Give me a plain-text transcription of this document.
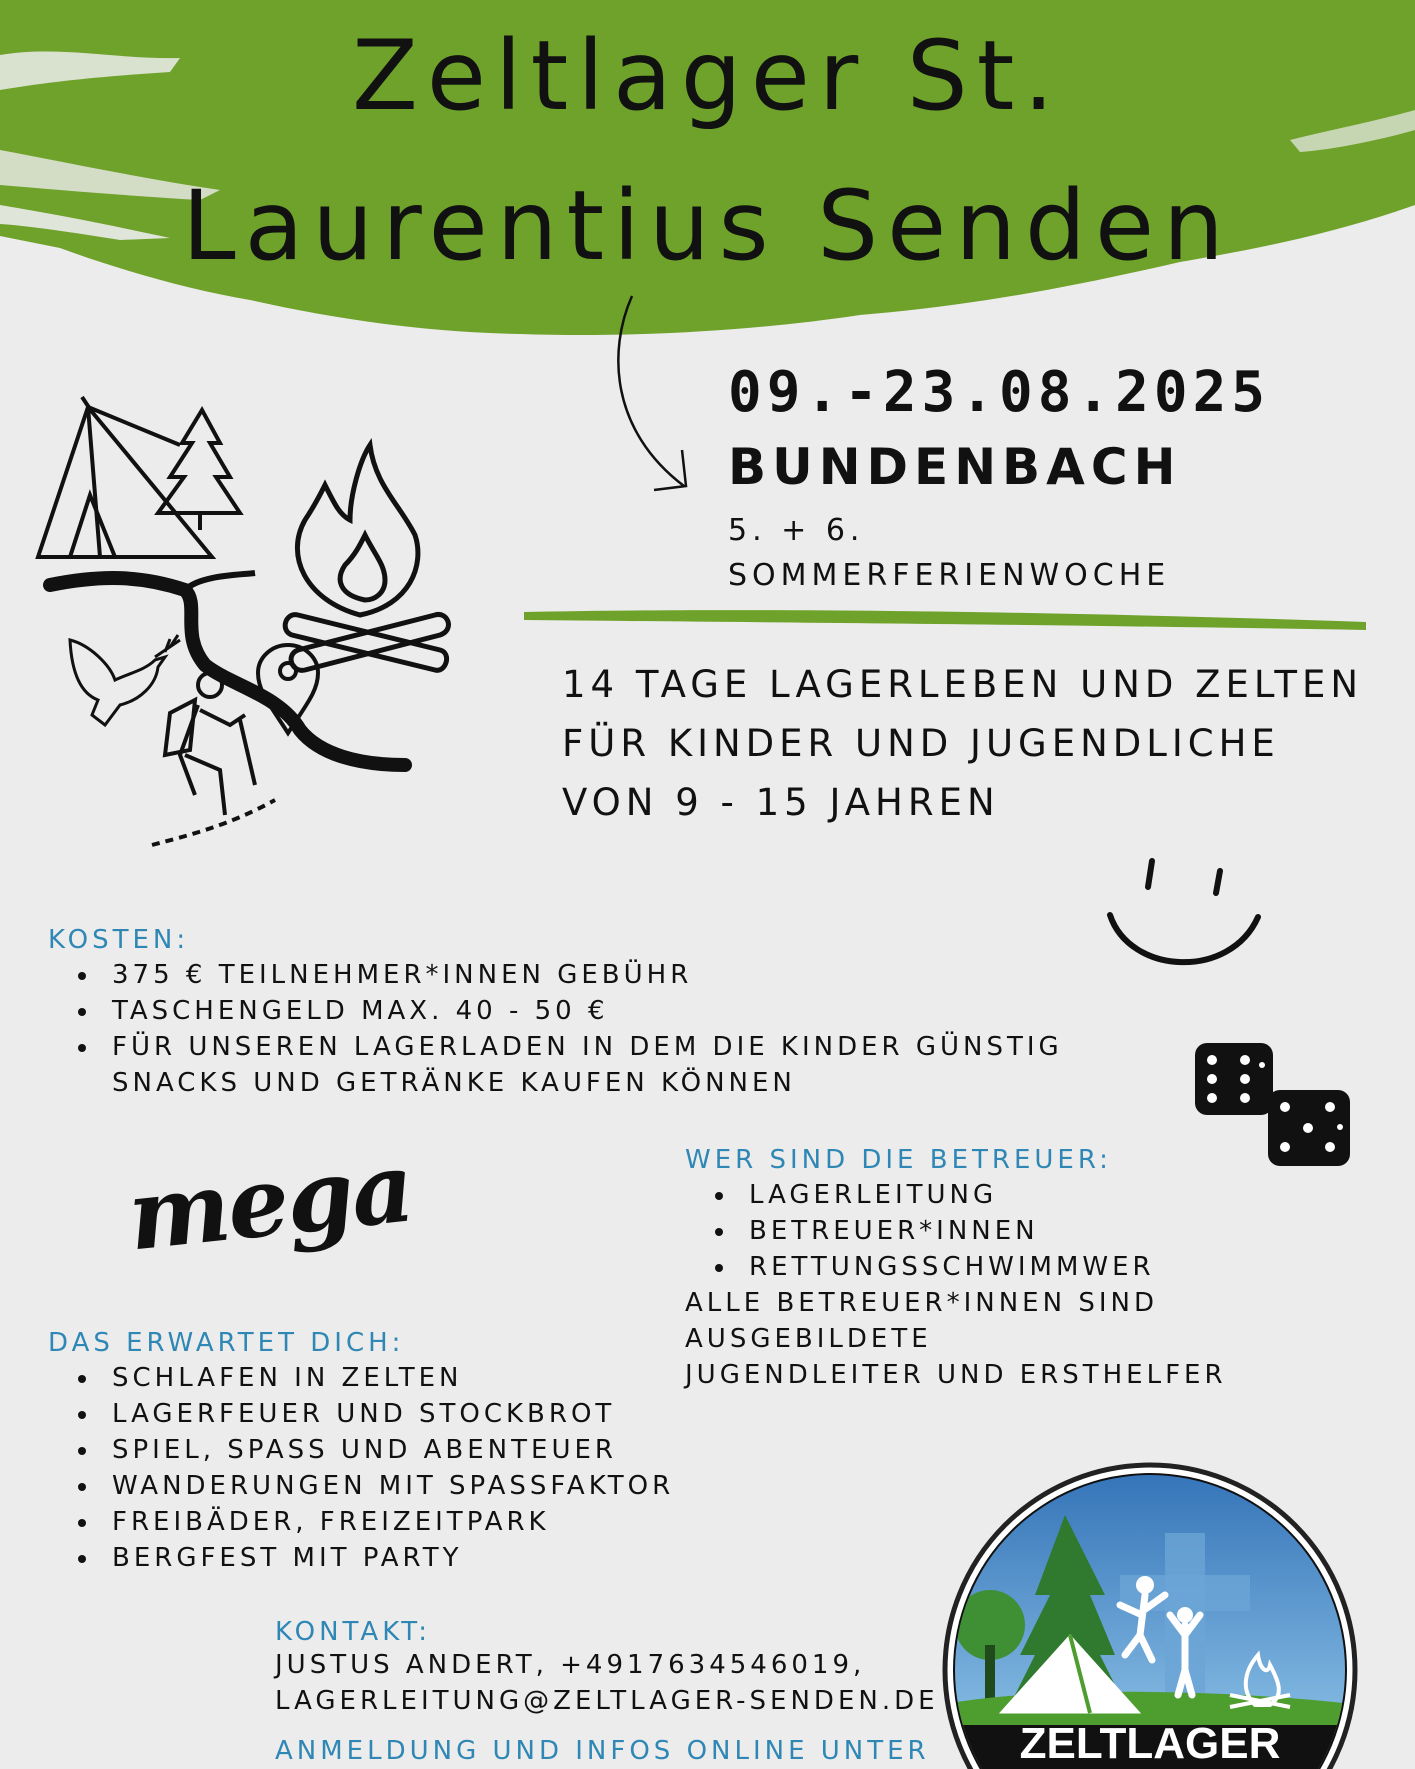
Zeltlager St.
Laurentius Senden
09.-23.08.2025
BUNDENBACH
5. + 6.
SOMMERFERIENWOCHE
14 TAGE LAGERLEBEN UND ZELTEN
FÜR KINDER UND JUGENDLICHE
VON 9 - 15 JAHREN
KOSTEN:
375 € TEILNEHMER*INNEN GEBÜHR
TASCHENGELD MAX. 40 - 50 €
FÜR UNSEREN LAGERLADEN IN DEM DIE KINDER GÜNSTIG SNACKS UND GETRÄNKE KAUFEN KÖNNEN
mega	WER SIND DIE BETREUER:
LAGERLEITUNG
BETREUER*INNEN
RETTUNGSSCHWIMMWER
ALLE BETREUER*INNEN SIND AUSGEBILDETE
JUGENDLEITER UND ERSTHELFER
DAS ERWARTET DICH:
SCHLAFEN IN ZELTEN
LAGERFEUER UND STOCKBROT
SPIEL, SPASS UND ABENTEUER
WANDERUNGEN MIT SPASSFAKTOR
FREIBÄDER, FREIZEITPARK
BERGFEST MIT PARTY
KONTAKT:
JUSTUS ANDERT, +4917634546019,
LAGERLEITUNG@ZELTLAGER-SENDEN.DE
ANMELDUNG UND INFOS ONLINE UNTER	ZELTLAGER
